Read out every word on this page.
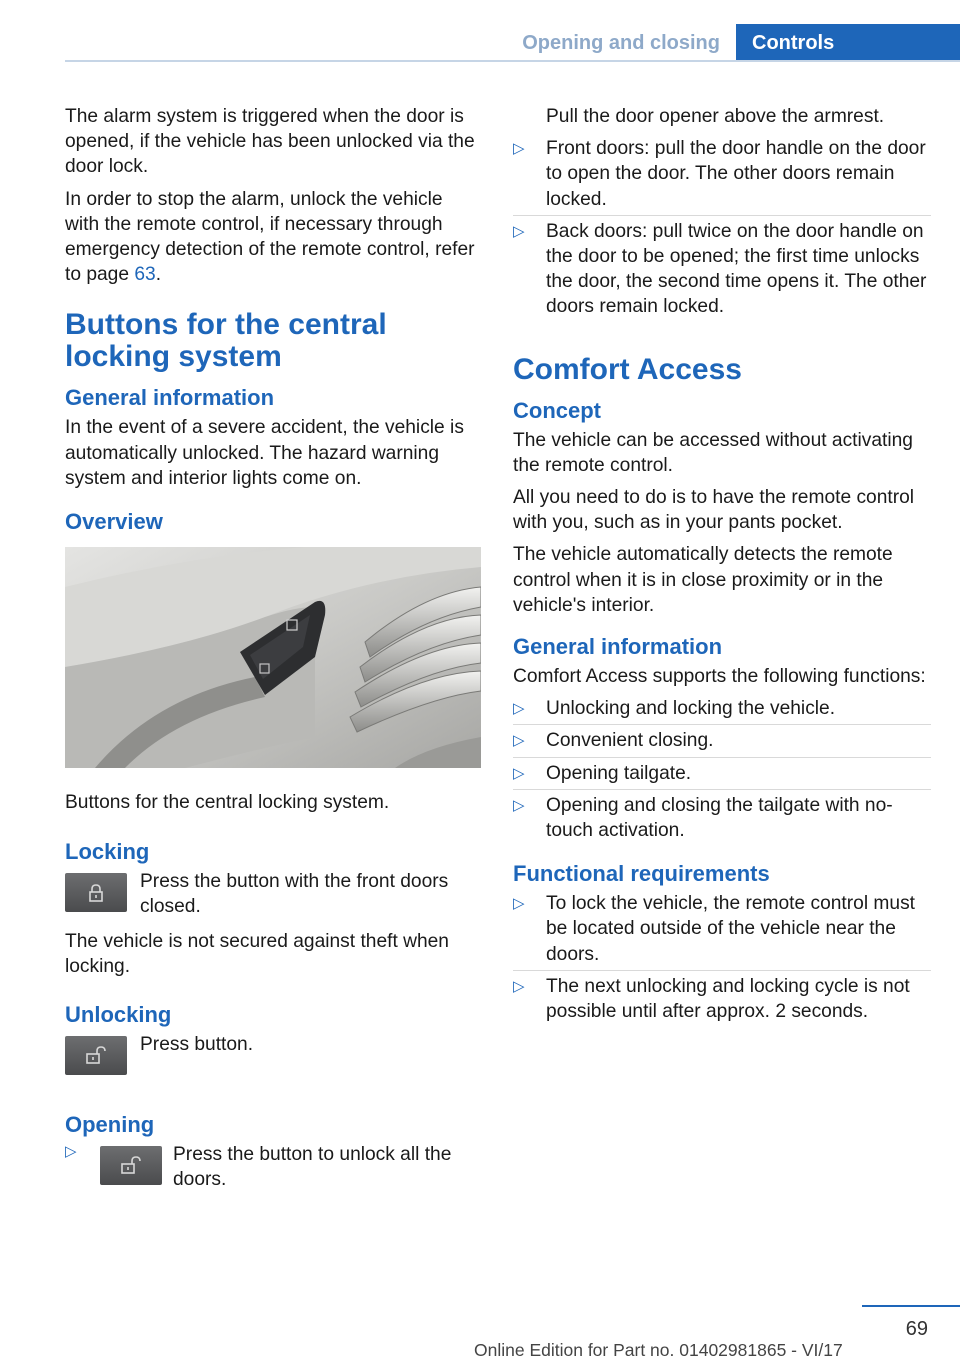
Opening and closing	Controls

The alarm system is triggered when the door is opened, if the vehicle has been unlocked via the door lock.

In order to stop the alarm, unlock the vehicle with the remote control, if necessary through emergency detection of the remote control, refer to page 63.

Buttons for the central locking system
General information

In the event of a severe accident, the vehicle is automatically unlocked. The hazard warning system and interior lights come on.

Overview

Buttons for the central locking system.

Locking

Press the button with the front doors closed.

The vehicle is not secured against theft when locking.

Unlocking

Press button.

Opening
▷	Press the button to unlock all the doors.

Pull the door opener above the armrest.

▷ Front doors: pull the door handle on the door to open the door. The other doors remain locked.
▷ Back doors: pull twice on the door handle on the door to be opened; the first time unlocks the door, the second time opens it. The other doors remain locked.
Comfort Access
Concept

The vehicle can be accessed without activating the remote control.

All you need to do is to have the remote control with you, such as in your pants pocket.

The vehicle automatically detects the remote control when it is in close proximity or in the vehicle's interior.

General information

Comfort Access supports the following functions:

▷ Unlocking and locking the vehicle.
▷ Convenient closing.
▷ Opening tailgate.
▷ Opening and closing the tailgate with no-touch activation.
Functional requirements
▷ To lock the vehicle, the remote control must be located outside of the vehicle near the doors.
▷ The next unlocking and locking cycle is not possible until after approx. 2 seconds.
69
Online Edition for Part no. 01402981865 - VI/17
